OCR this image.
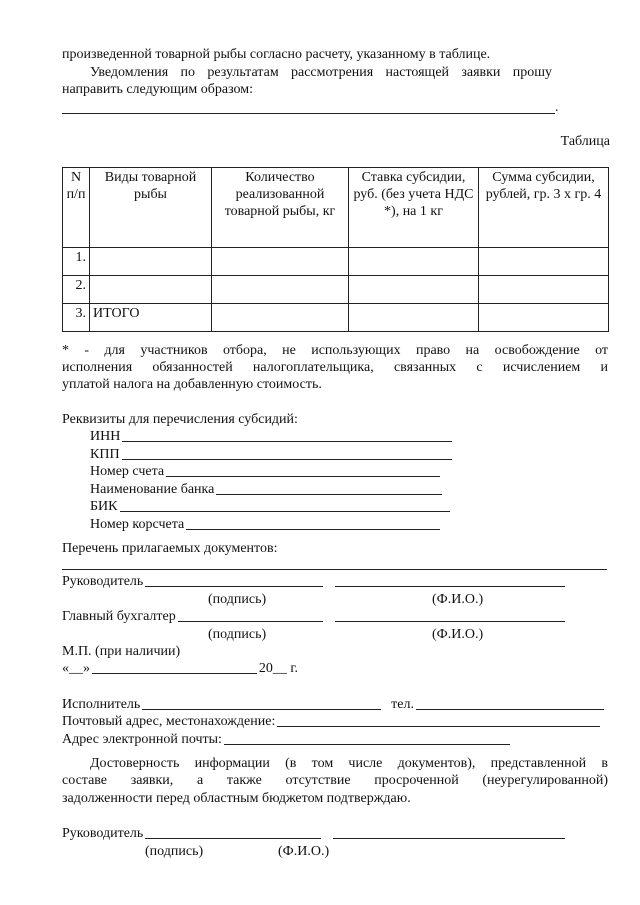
произведенной товарной рыбы согласно расчету, указанному в таблице.
Уведомления по результатам рассмотрения настоящей заявки прошу
направить следующим образом:
.
Таблица
N п/п	Виды товарной рыбы	Количество реализованной товарной рыбы, кг	Ставка субсидии, руб. (без учета НДС *), на 1 кг	Сумма субсидии, рублей, гр. 3 x гр. 4
1.				
2.				
3.	ИТОГО			
* - для участников отбора, не использующих право на освобождение от
исполнения обязанностей налогоплательщика, связанных с исчислением и
уплатой налога на добавленную стоимость.
Реквизиты для перечисления субсидий:
ИНН
КПП
Номер счета
Наименование банка
БИК
Номер корсчета
Перечень прилагаемых документов:
Руководитель
(подпись)	(Ф.И.О.)
Главный бухгалтер
(подпись)	(Ф.И.О.)
М.П. (при наличии)
«__»	20__ г.
Исполнитель	тел.
Почтовый адрес, местонахождение:
Адрес электронной почты:
Достоверность информации (в том числе документов), представленной в
составе заявки, а также отсутствие просроченной (неурегулированной)
задолженности перед областным бюджетом подтверждаю.
Руководитель
(подпись)	(Ф.И.О.)
